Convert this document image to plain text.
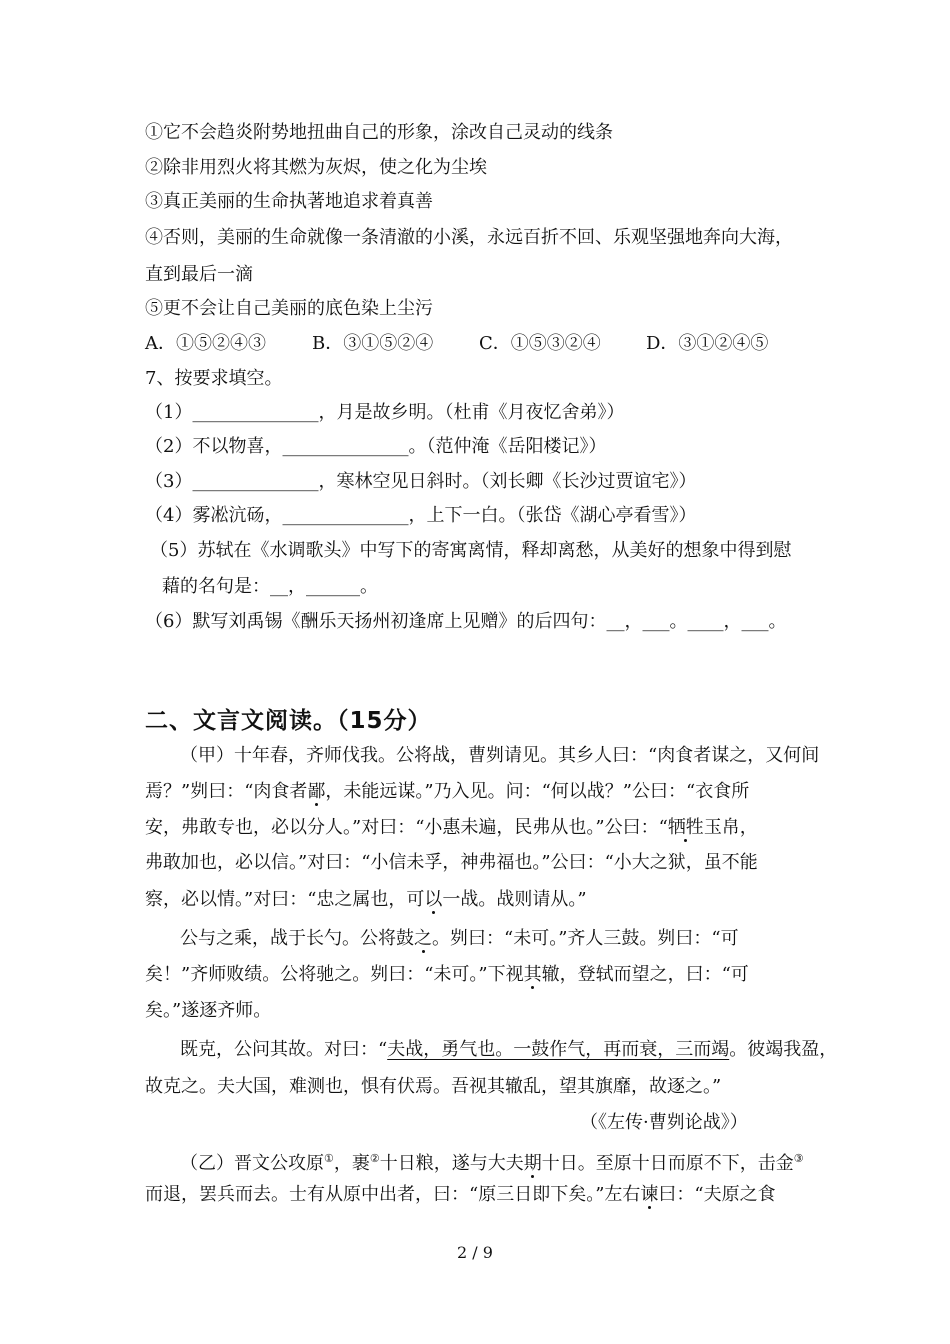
①它不会趋炎附势地扭曲自己的形象，涂改自己灵动的线条
②除非用烈火将其燃为灰烬，使之化为尘埃
③真正美丽的生命执著地追求着真善
④否则，美丽的生命就像一条清澈的小溪，永远百折不回、乐观坚强地奔向大海，
直到最后一滴
⑤更不会让自己美丽的底色染上尘污
A．①⑤②④③	B．③①⑤②④	C．①⑤③②④	D．③①②④⑤
7、按要求填空。
（1）______________，月是故乡明。（杜甫《月夜忆舍弟》）
（2）不以物喜，______________。（范仲淹《岳阳楼记》）
（3）______________，寒林空见日斜时。（刘长卿《长沙过贾谊宅》）
（4）雾凇沆砀，______________，上下一白。（张岱《湖心亭看雪》）
（5）苏轼在《水调歌头》中写下的寄寓离情，释却离愁，从美好的想象中得到慰
藉的名句是：__，______。
（6）默写刘禹锡《酬乐天扬州初逢席上见赠》的后四句：__，___。____，___。
二、文言文阅读。（15分）
（甲）十年春，齐师伐我。公将战，曹刿请见。其乡人曰：“肉食者谋之，又何间
焉？”刿曰：“肉食者鄙，未能远谋。”乃入见。问：“何以战？”公曰：“衣食所
安，弗敢专也，必以分人。”对曰：“小惠未遍，民弗从也。”公曰：“牺牲玉帛，
弗敢加也，必以信。”对曰：“小信未孚，神弗福也。”公曰：“小大之狱，虽不能
察，必以情。”对曰：“忠之属也，可以一战。战则请从。”
公与之乘，战于长勺。公将鼓之。刿曰：“未可。”齐人三鼓。刿曰：“可
矣！”齐师败绩。公将驰之。刿曰：“未可。”下视其辙，登轼而望之，曰：“可
矣。”遂逐齐师。
既克，公问其故。对曰：“夫战，勇气也。一鼓作气，再而衰，三而竭。彼竭我盈，
故克之。夫大国，难测也，惧有伏焉。吾视其辙乱，望其旗靡，故逐之。”
（《左传·曹刿论战》）
（乙）晋文公攻原①，裹②十日粮，遂与大夫期十日。至原十日而原不下，击金③
而退，罢兵而去。士有从原中出者，曰：“原三日即下矣。”左右谏曰：“夫原之食
2 / 9
